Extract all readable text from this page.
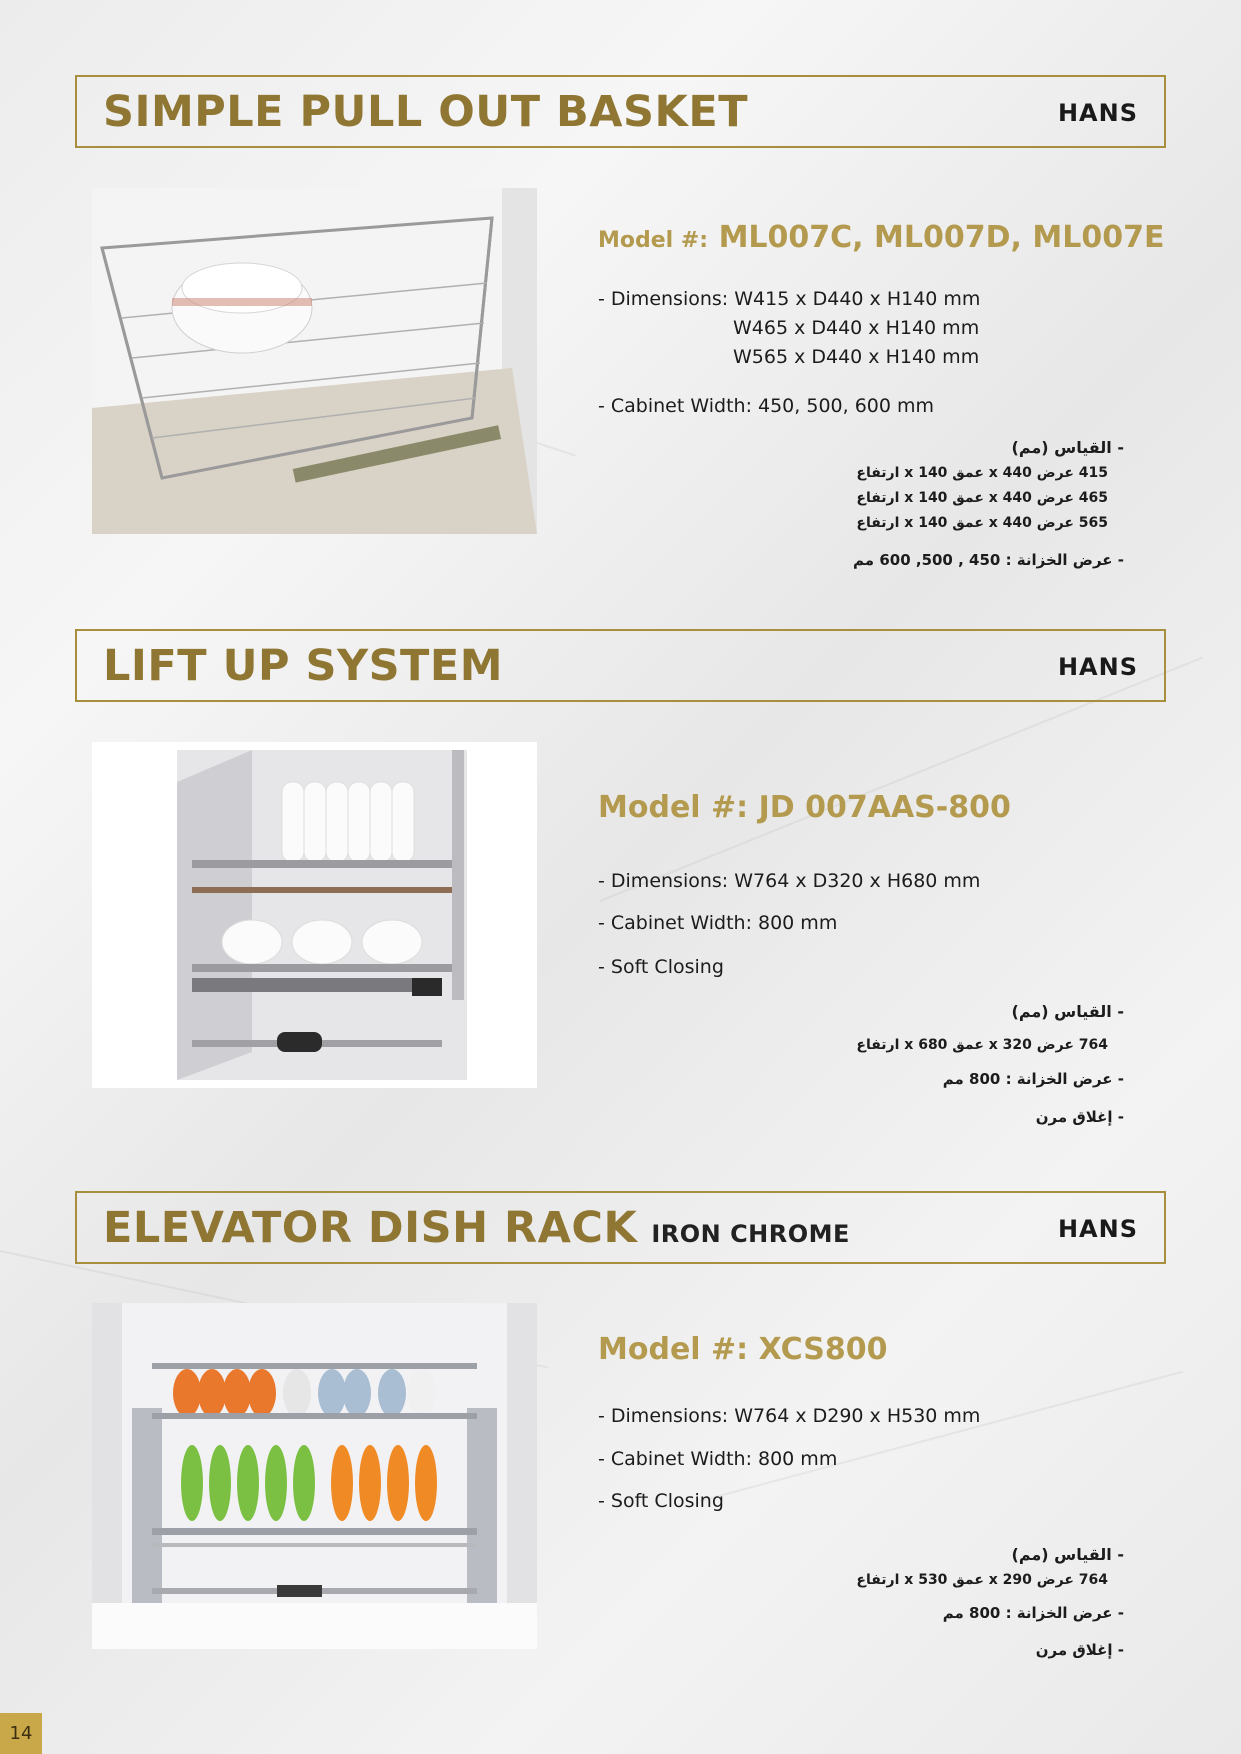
SIMPLE PULL OUT BASKET	HANS
Model #: ML007C, ML007D, ML007E
- Dimensions: W415 x D440 x H140 mm
W465 x D440 x H140 mm
W565 x D440 x H140 mm
- Cabinet Width: 450, 500, 600 mm
- القياس (مم)
415 عرض x 440 عمق x 140 ارتفاع
465 عرض x 440 عمق x 140 ارتفاع
565 عرض x 440 عمق x 140 ارتفاع
- عرض الخزانة : 450 , 500, 600 مم
LIFT UP SYSTEM	HANS
Model #: JD 007AAS-800
- Dimensions: W764 x D320 x H680 mm
- Cabinet Width: 800 mm
- Soft Closing
- القياس (مم)
764 عرض x 320 عمق x 680 ارتفاع
- عرض الخزانة : 800 مم
- إغلاق مرن
ELEVATOR DISH RACK IRON CHROME	HANS
Model #: XCS800
- Dimensions: W764 x D290 x H530 mm
- Cabinet Width: 800 mm
- Soft Closing
- القياس (مم)
764 عرض x 290 عمق x 530 ارتفاع
- عرض الخزانة : 800 مم
- إغلاق مرن
14
